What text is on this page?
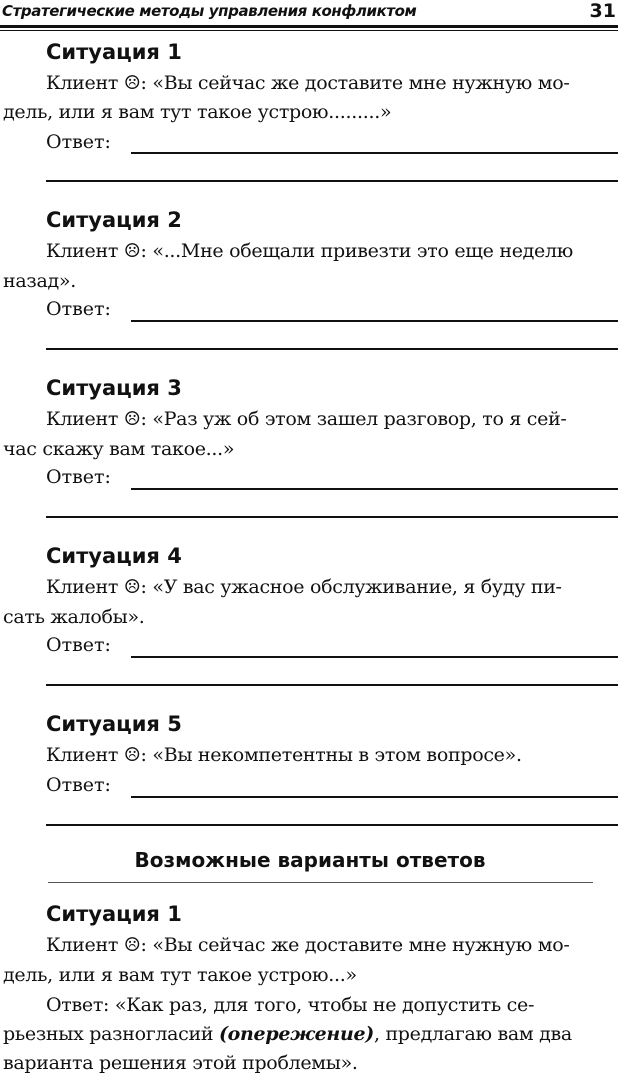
Стратегические методы управления конфликтом	31
Ситуация 1
Клиент ☹: «Вы сейчас же доставите мне нужную мо-
дель, или я вам тут такое устрою.........»
Ответ:
Ситуация 2
Клиент ☹: «...Мне обещали привезти это еще неделю
назад».
Ответ:
Ситуация 3
Клиент ☹: «Раз уж об этом зашел разговор, то я сей-
час скажу вам такое...»
Ответ:
Ситуация 4
Клиент ☹: «У вас ужасное обслуживание, я буду пи-
сать жалобы».
Ответ:
Ситуация 5
Клиент ☹: «Вы некомпетентны в этом вопросе».
Ответ:
Возможные варианты ответов
Ситуация 1
Клиент ☹: «Вы сейчас же доставите мне нужную мо-
дель, или я вам тут такое устрою...»
Ответ: «Как раз, для того, чтобы не допустить се-
рьезных разногласий (опережение), предлагаю вам два
варианта решения этой проблемы».
